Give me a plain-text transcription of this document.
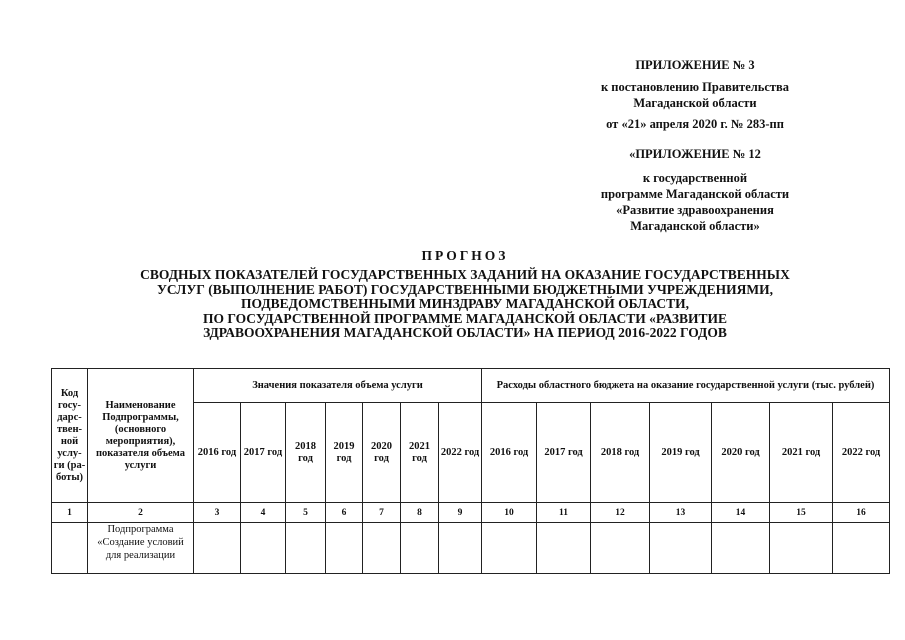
ПРИЛОЖЕНИЕ № 3
к постановлению Правительства
Магаданской области
от «21» апреля 2020 г. № 283-пп
«ПРИЛОЖЕНИЕ № 12
к государственной
программе Магаданской области
«Развитие здравоохранения
Магаданской области»
ПРОГНОЗ
СВОДНЫХ ПОКАЗАТЕЛЕЙ ГОСУДАРСТВЕННЫХ ЗАДАНИЙ НА ОКАЗАНИЕ ГОСУДАРСТВЕННЫХ
УСЛУГ (ВЫПОЛНЕНИЕ РАБОТ) ГОСУДАРСТВЕННЫМИ БЮДЖЕТНЫМИ УЧРЕЖДЕНИЯМИ,
ПОДВЕДОМСТВЕННЫМИ МИНЗДРАВУ МАГАДАНСКОЙ ОБЛАСТИ,
ПО ГОСУДАРСТВЕННОЙ ПРОГРАММЕ МАГАДАНСКОЙ ОБЛАСТИ «РАЗВИТИЕ
ЗДРАВООХРАНЕНИЯ МАГАДАНСКОЙ ОБЛАСТИ» НА ПЕРИОД 2016-2022 ГОДОВ
Код госу-дарс-твен-ной услу-ги (ра-боты)	Наименование Подпрограммы, (основного мероприятия), показателя объема услуги	Значения показателя объема услуги							Расходы областного бюджета на оказание государственной услуги (тыс. рублей)						
		2016 год	2017 год	2018 год	2019 год	2020 год	2021 год	2022 год	2016 год	2017 год	2018 год	2019 год	2020 год	2021 год	2022 год
1	2	3	4	5	6	7	8	9	10	11	12	13	14	15	16
	Подпрограмма «Создание условий для реализации														
